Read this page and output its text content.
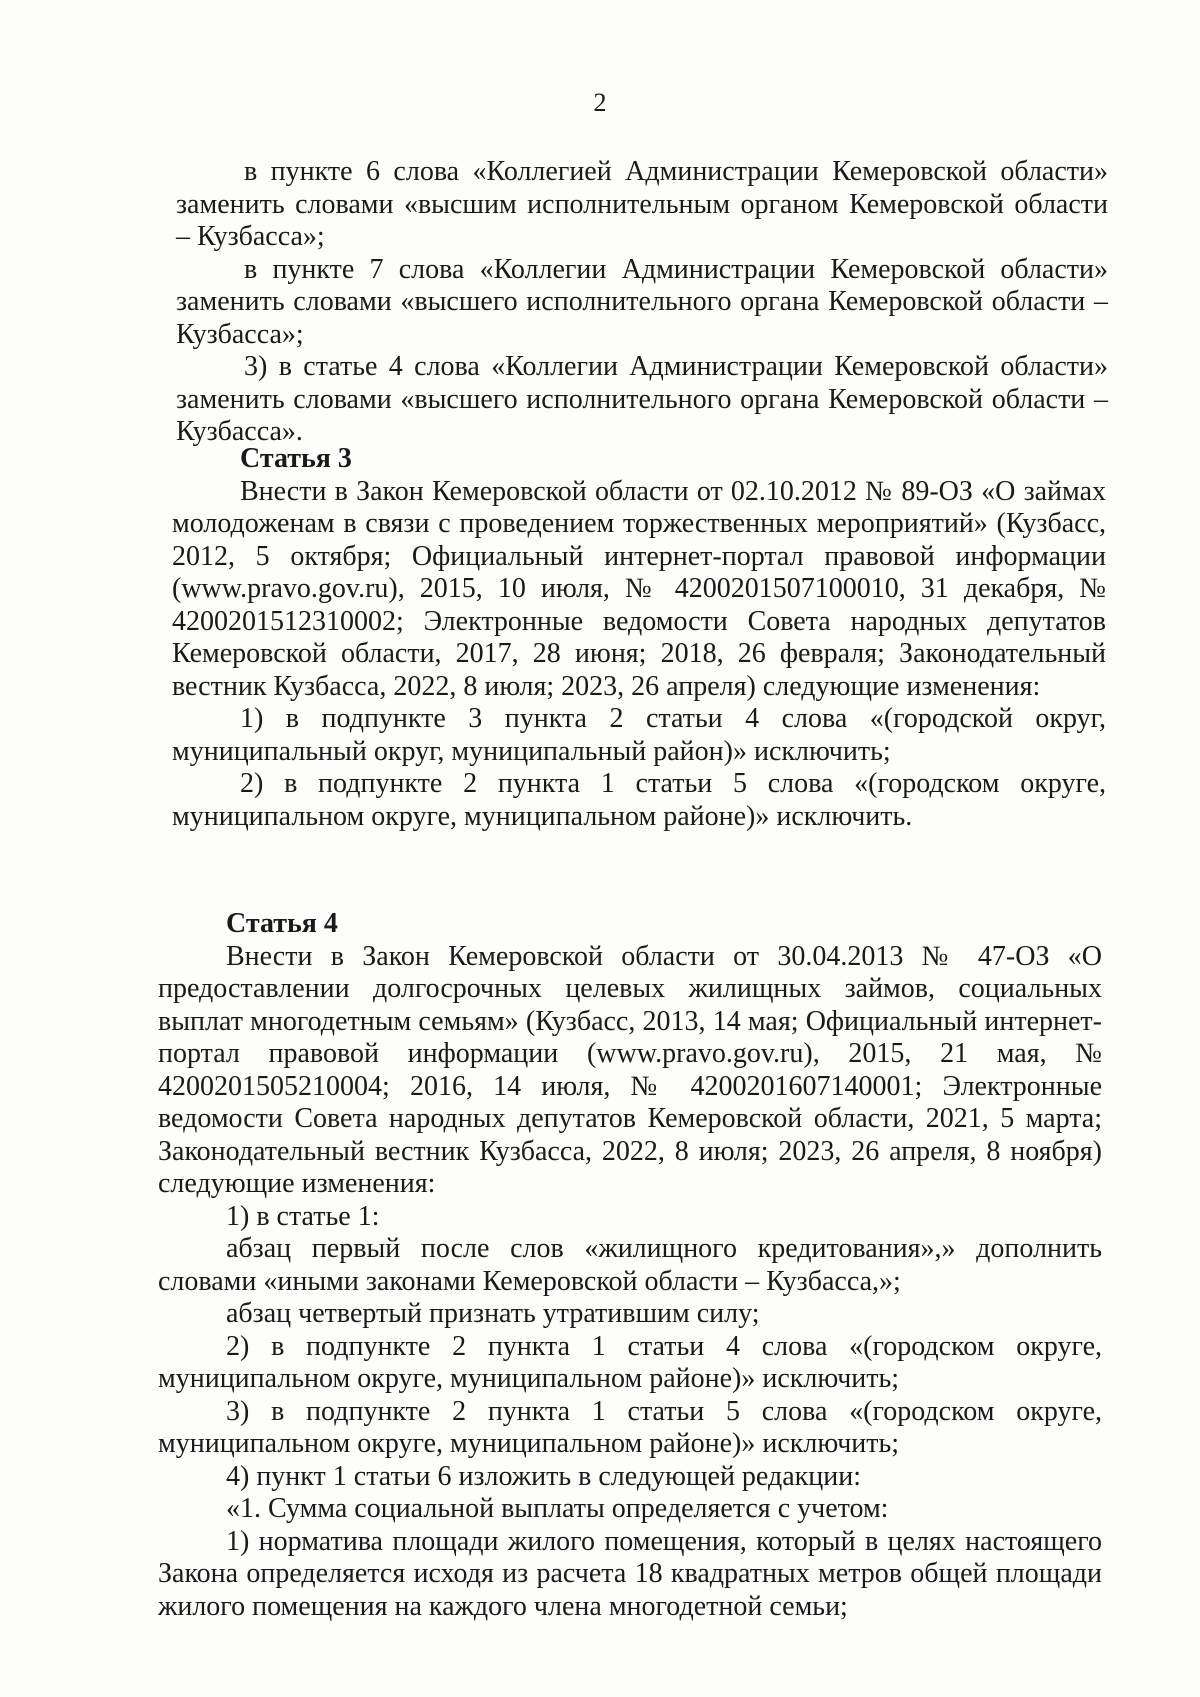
2

в пункте 6 слова «Коллегией Администрации Кемеровской области» заменить словами «высшим исполнительным органом Кемеровской области – Кузбасса»;

в пункте 7 слова «Коллегии Администрации Кемеровской области» заменить словами «высшего исполнительного органа Кемеровской области – Кузбасса»;

3) в статье 4 слова «Коллегии Администрации Кемеровской области» заменить словами «высшего исполнительного органа Кемеровской области – Кузбасса».

Статья 3

Внести в Закон Кемеровской области от 02.10.2012 № 89-ОЗ «О займах молодоженам в связи с проведением торжественных мероприятий» (Кузбасс, 2012, 5 октября; Официальный интернет-портал правовой информации (www.pravo.gov.ru), 2015, 10 июля, № 4200201507100010, 31 декабря, № 4200201512310002; Электронные ведомости Совета народных депутатов Кемеровской области, 2017, 28 июня; 2018, 26 февраля; Законодательный вестник Кузбасса, 2022, 8 июля; 2023, 26 апреля) следующие изменения:

1) в подпункте 3 пункта 2 статьи 4 слова «(городской округ, муниципальный округ, муниципальный район)» исключить;

2) в подпункте 2 пункта 1 статьи 5 слова «(городском округе, муниципальном округе, муниципальном районе)» исключить.

Статья 4

Внести в Закон Кемеровской области от 30.04.2013 № 47-ОЗ «О предоставлении долгосрочных целевых жилищных займов, социальных выплат многодетным семьям» (Кузбасс, 2013, 14 мая; Официальный интернет-портал правовой информации (www.pravo.gov.ru), 2015, 21 мая, № 4200201505210004; 2016, 14 июля, № 4200201607140001; Электронные ведомости Совета народных депутатов Кемеровской области, 2021, 5 марта; Законодательный вестник Кузбасса, 2022, 8 июля; 2023, 26 апреля, 8 ноября) следующие изменения:

1) в статье 1:

абзац первый после слов «жилищного кредитования»,» дополнить словами «иными законами Кемеровской области – Кузбасса,»;

абзац четвертый признать утратившим силу;

2) в подпункте 2 пункта 1 статьи 4 слова «(городском округе, муниципальном округе, муниципальном районе)» исключить;

3) в подпункте 2 пункта 1 статьи 5 слова «(городском округе, муниципальном округе, муниципальном районе)» исключить;

4) пункт 1 статьи 6 изложить в следующей редакции:

«1. Сумма социальной выплаты определяется с учетом:

1) норматива площади жилого помещения, который в целях настоящего Закона определяется исходя из расчета 18 квадратных метров общей площади жилого помещения на каждого члена многодетной семьи;
